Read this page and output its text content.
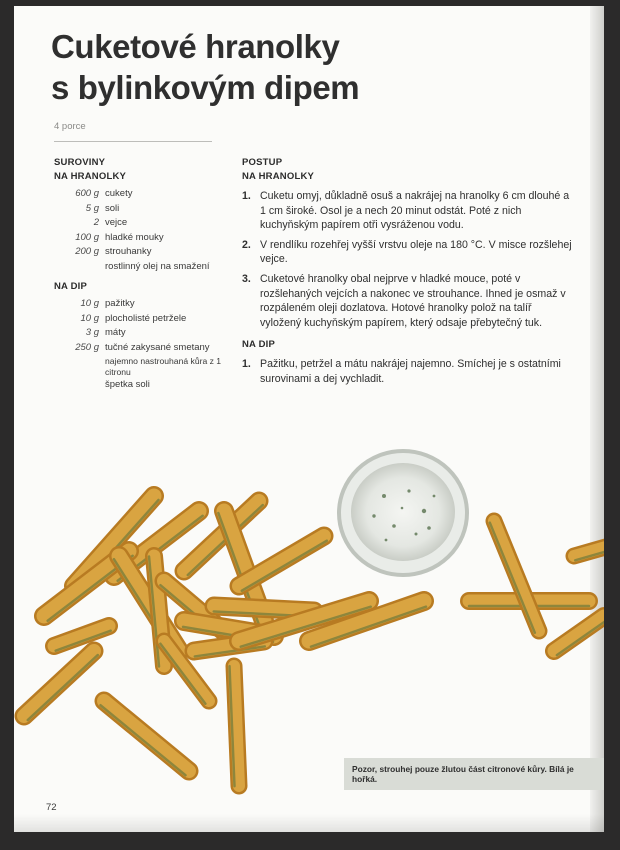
Cuketové hranolky
s bylinkovým dipem
4 porce
SUROVINY
NA HRANOLKY
600 g cukety
5 g soli
2 vejce
100 g hladké mouky
200 g strouhanky
rostlinný olej na smažení
NA DIP
10 g pažitky
10 g plocholisté petržele
3 g máty
250 g tučné zakysané smetany
najemno nastrouhaná kůra z 1 citronu
špetka soli
POSTUP
NA HRANOLKY
1. Cuketu omyj, důkladně osuš a nakrájej na hranolky 6 cm dlouhé a 1 cm široké. Osol je a nech 20 minut odstát. Poté z nich kuchyňským papírem otři vysráženou vodu.
2. V rendlíku rozehřej vyšší vrstvu oleje na 180 °C. V misce rozšlehej vejce.
3. Cuketové hranolky obal nejprve v hladké mouce, poté v rozšlehaných vejcích a nakonec ve strouhance. Ihned je osmaž v rozpáleném oleji dozlatova. Hotové hranolky polož na talíř vyložený kuchyňským papírem, který odsaje přebytečný tuk.
NA DIP
1. Pažitku, petržel a mátu nakrájej najemno. Smíchej je s ostatními surovinami a dej vychladit.
Pozor, strouhej pouze žlutou část citronové kůry. Bílá je hořká.
72
